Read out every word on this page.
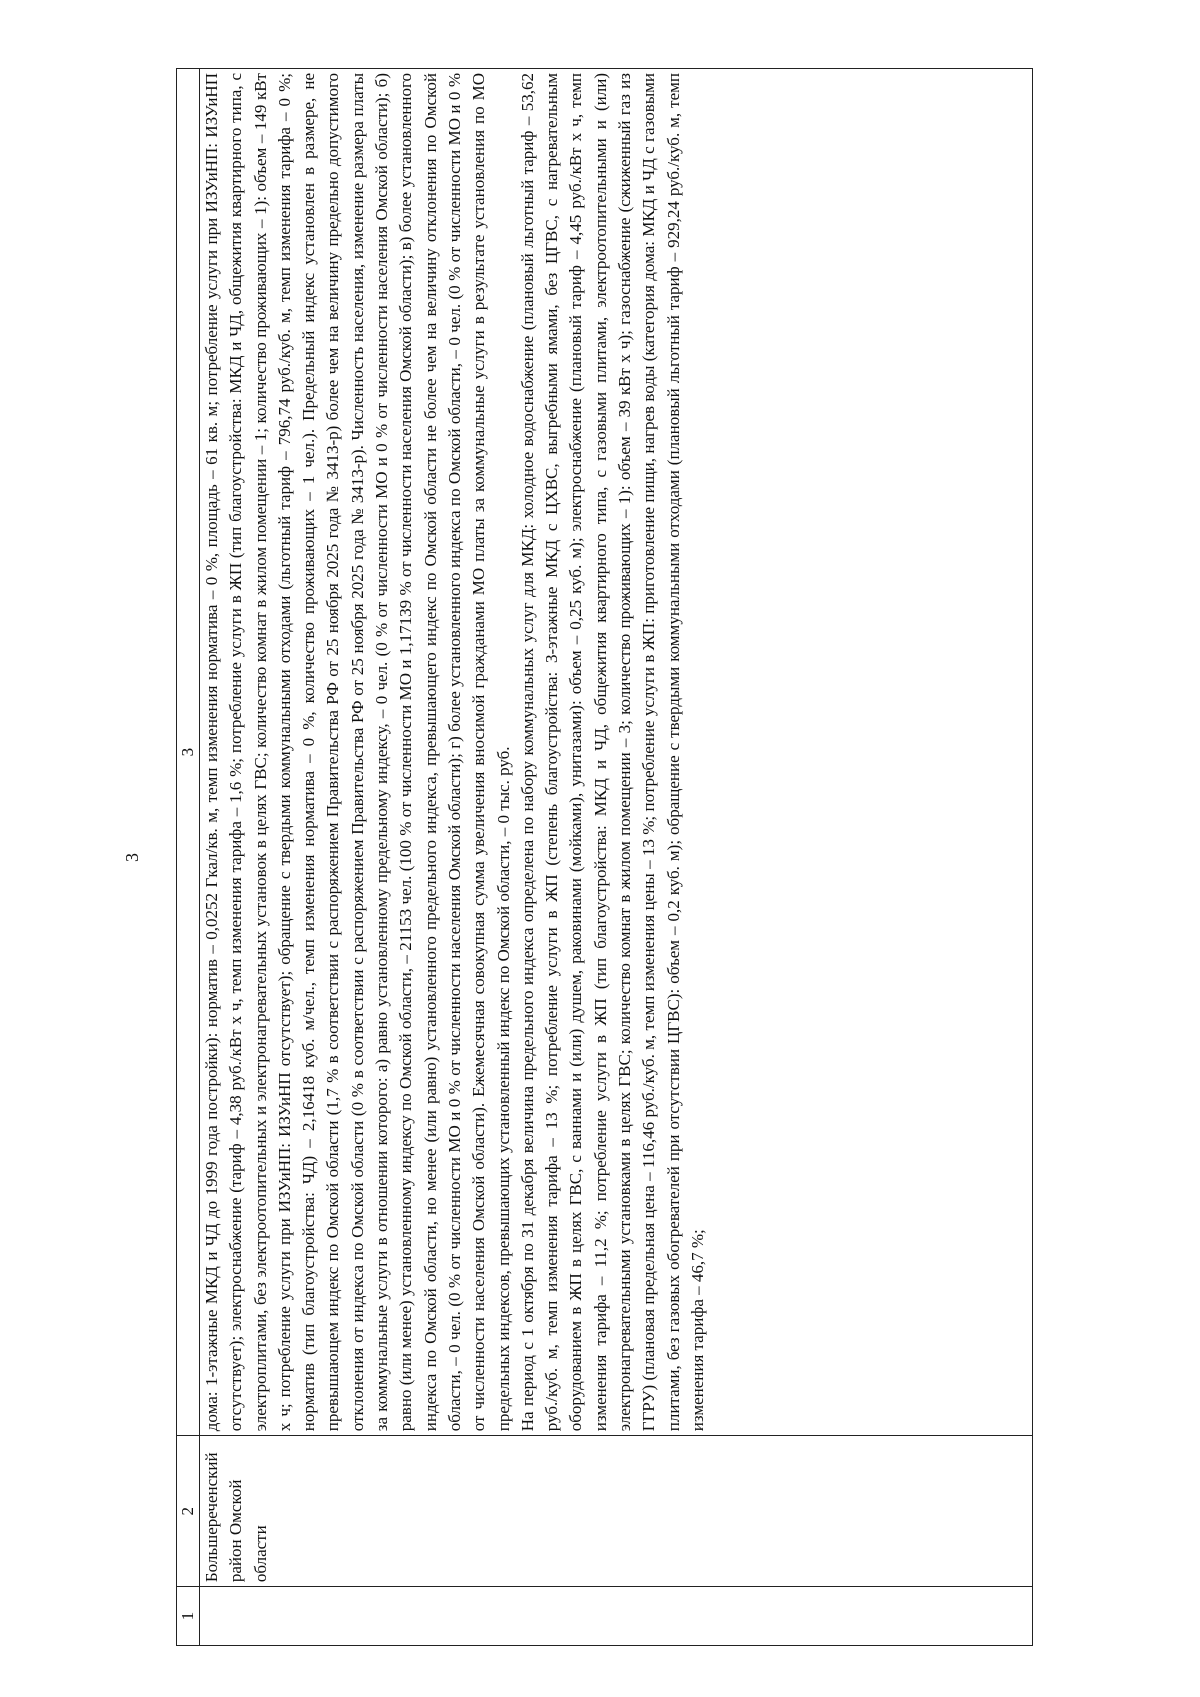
3
1	2	3
	Большереченский район Омской области	дома: 1-этажные МКД и ЧД до 1999 года постройки): норматив – 0,0252 Гкал/кв. м, темп изменения норматива – 0 %, площадь – 61 кв. м; потребление услуги при ИЗУиНП: ИЗУиНП отсутствует); электроснабжение (тариф – 4,38 руб./кВт х ч, темп изменения тарифа – 1,6 %; потребление услуги в ЖП (тип благоустройства: МКД и ЧД, общежития квартирного типа, с электроплитами, без электроотопительных и электронагревательных установок в целях ГВС; количество комнат в жилом помещении – 1; количество проживающих – 1): объем – 149 кВт х ч; потребление услуги при ИЗУиНП: ИЗУиНП отсутствует); обращение с твердыми коммунальными отходами (льготный тариф – 796,74 руб./куб. м, темп изменения тарифа – 0 %; норматив (тип благоустройства: ЧД) – 2,16418 куб. м/чел., темп изменения норматива – 0 %, количество проживающих – 1 чел.). Предельный индекс установлен в размере, не превышающем индекс по Омской области (1,7 % в соответствии с распоряжением Правительства РФ от 25 ноября 2025 года № 3413-р) более чем на величину предельно допустимого отклонения от индекса по Омской области (0 % в соответствии с распоряжением Правительства РФ от 25 ноября 2025 года № 3413-р). Численность населения, изменение размера платы за коммунальные услуги в отношении которого: а) равно установленному предельному индексу, – 0 чел. (0 % от численности МО и 0 % от численности населения Омской области); б) равно (или менее) установленному индексу по Омской области, – 21153 чел. (100 % от численности МО и 1,17139 % от численности населения Омской области); в) более установленного индекса по Омской области, но менее (или равно) установленного предельного индекса, превышающего индекс по Омской области не более чем на величину отклонения по Омской области, – 0 чел. (0 % от численности МО и 0 % от численности населения Омской области); г) более установленного индекса по Омской области, – 0 чел. (0 % от численности МО и 0 % от численности населения Омской области). Ежемесячная совокупная сумма увеличения вносимой гражданами МО платы за коммунальные услуги в результате установления по МО предельных индексов, превышающих установленный индекс по Омской области, – 0 тыс. руб. На период с 1 октября по 31 декабря величина предельного индекса определена по набору коммунальных услуг для МКД: холодное водоснабжение (плановый льготный тариф – 53,62 руб./куб. м, темп изменения тарифа – 13 %; потребление услуги в ЖП (степень благоустройства: 3-этажные МКД с ЦХВС, выгребными ямами, без ЦГВС, с нагревательным оборудованием в ЖП в целях ГВС, с ваннами и (или) душем, раковинами (мойками), унитазами): объем – 0,25 куб. м); электроснабжение (плановый тариф – 4,45 руб./кВт х ч, темп изменения тарифа – 11,2 %; потребление услуги в ЖП (тип благоустройства: МКД и ЧД, общежития квартирного типа, с газовыми плитами, электроотопительными и (или) электронагревательными установками в целях ГВС; количество комнат в жилом помещении – 3; количество проживающих – 1): объем – 39 кВт х ч); газоснабжение (сжиженный газ из ГГРУ) (плановая предельная цена – 116,46 руб./куб. м, темп изменения цены – 13 %; потребление услуги в ЖП: приготовление пищи, нагрев воды (категория дома: МКД и ЧД с газовыми плитами, без газовых обогревателей при отсутствии ЦГВС): объем – 0,2 куб. м); обращение с твердыми коммунальными отходами (плановый льготный тариф – 929,24 руб./куб. м, темп изменения тарифа – 46,7 %;
